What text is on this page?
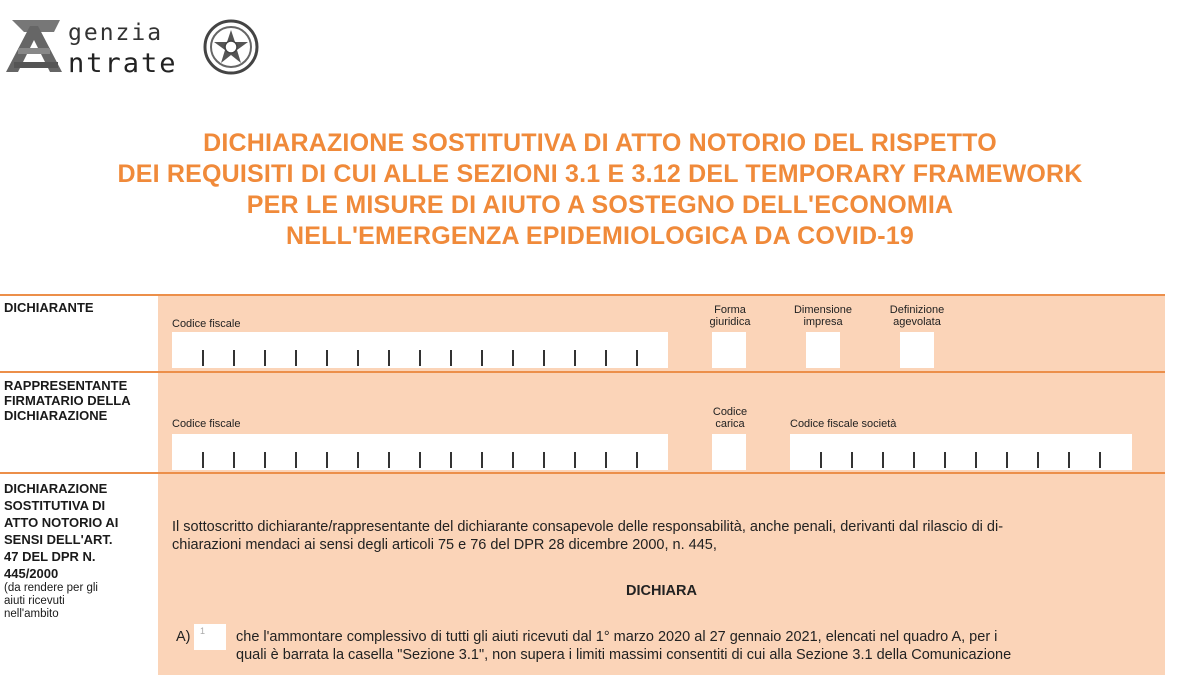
genzia
ntrate
DICHIARAZIONE SOSTITUTIVA DI ATTO NOTORIO DEL RISPETTO
DEI REQUISITI DI CUI ALLE SEZIONI 3.1 E 3.12 DEL TEMPORARY FRAMEWORK
PER LE MISURE DI AIUTO A SOSTEGNO DELL'ECONOMIA
NELL'EMERGENZA EPIDEMIOLOGICA DA COVID-19
DICHIARANTE
Codice fiscale
Forma giuridica
Dimensione impresa
Definizione agevolata
RAPPRESENTANTE FIRMATARIO DELLA DICHIARAZIONE
Codice fiscale
Codice carica	Codice fiscale società
DICHIARAZIONE SOSTITUTIVA DI ATTO NOTORIO AI SENSI DELL'ART. 47 DEL DPR N. 445/2000
(da rendere per gli aiuti ricevuti nell'ambito
Il sottoscritto dichiarante/rappresentante del dichiarante consapevole delle responsabilità, anche penali, derivanti dal rilascio di di-
chiarazioni mendaci ai sensi degli articoli 75 e 76 del DPR 28 dicembre 2000, n. 445,
DICHIARA
A) 1 che l'ammontare complessivo di tutti gli aiuti ricevuti dal 1° marzo 2020 al 27 gennaio 2021, elencati nel quadro A, per i
quali è barrata la casella "Sezione 3.1", non supera i limiti massimi consentiti di cui alla Sezione 3.1 della Comunicazione
